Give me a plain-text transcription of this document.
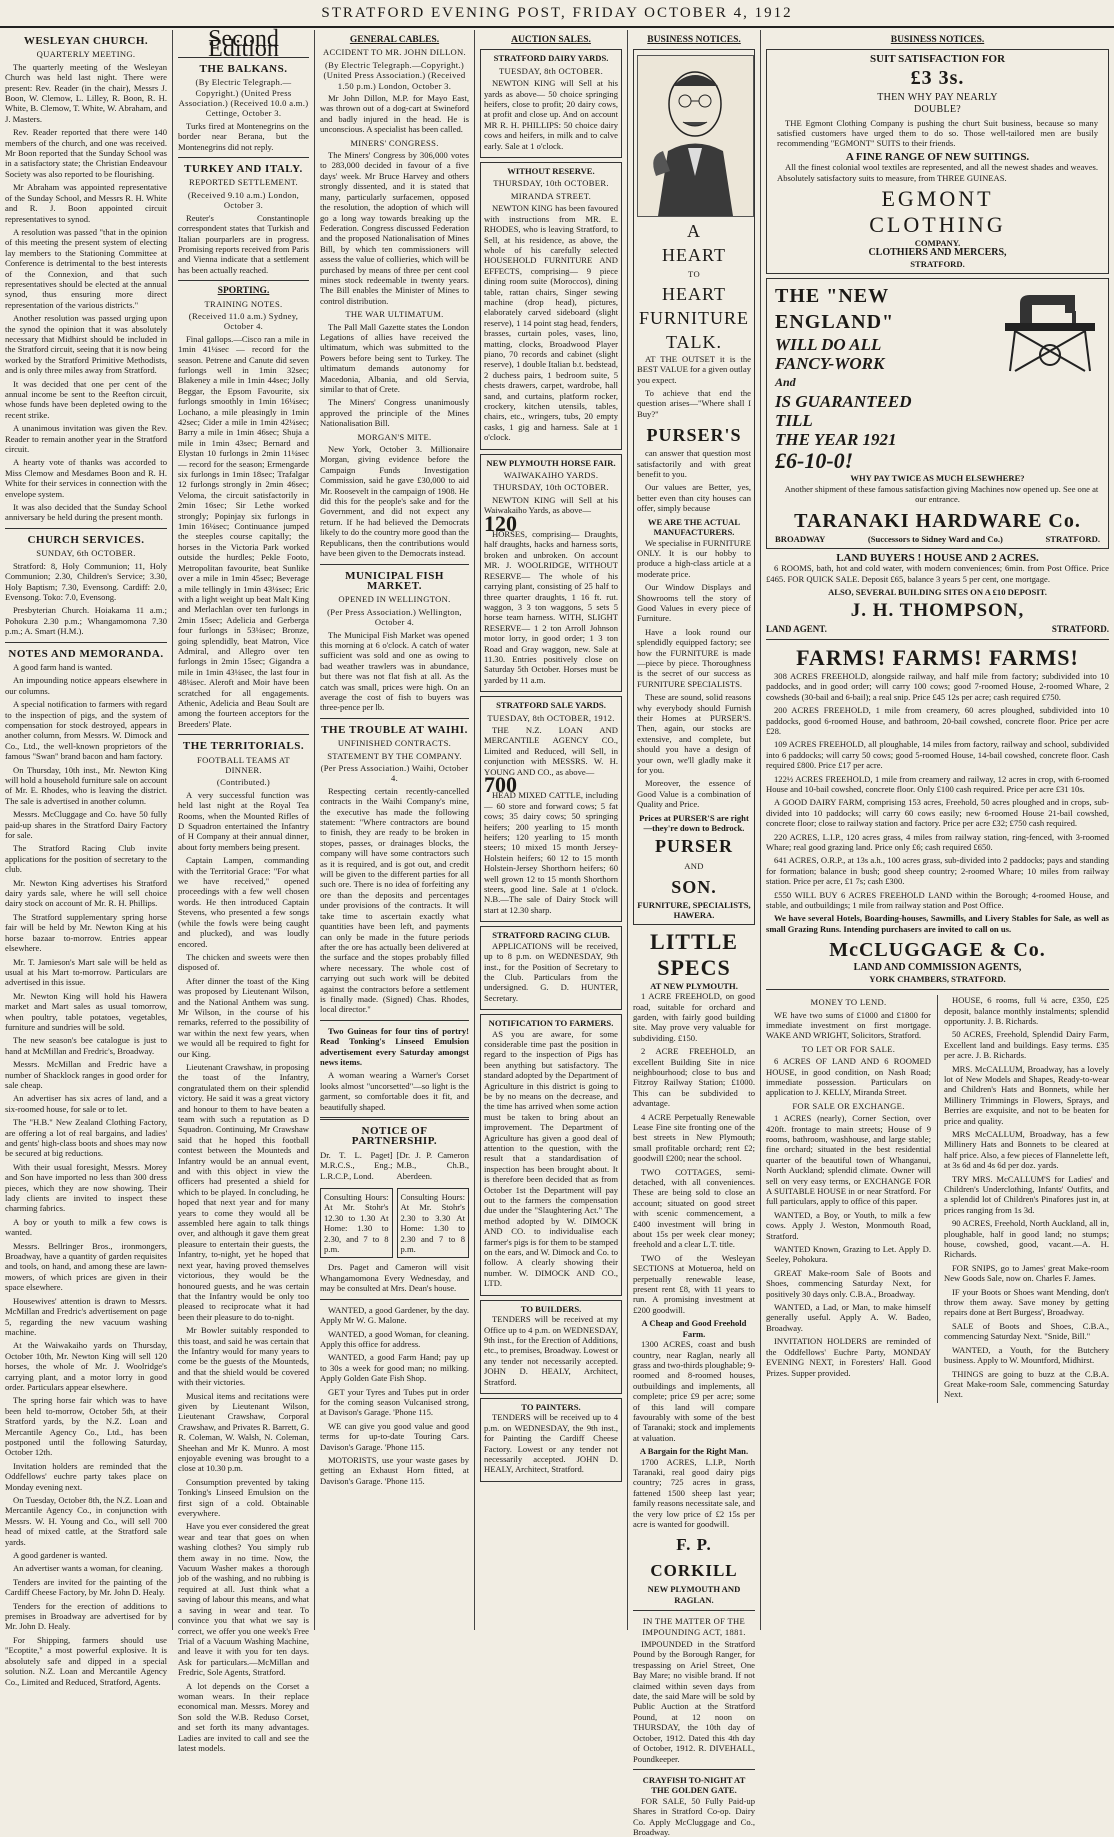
STRATFORD EVENING POST, FRIDAY OCTOBER 4, 1912
WESLEYAN CHURCH.
QUARTERLY MEETING.

The quarterly meeting of the Wesleyan Church was held last night. There were present: Rev. Reader (in the chair), Messrs J. Boon, W. Clemow, L. Lilley, R. Boon, R. H. White, B. Clemow, T. White, W. Abraham, and J. Masters.

Rev. Reader reported that there were 140 members of the church, and one was received. Mr Boon reported that the Sunday School was in a satisfactory state; the Christian Endeavour Society was also reported to be flourishing.

Mr Abraham was appointed representative of the Sunday School, and Messrs R. H. White and R. J. Boon appointed circuit representatives to synod.

A resolution was passed "that in the opinion of this meeting the present system of electing lay members to the Stationing Committee at Conference is detrimental to the best interests of the Connexion, and that such representatives should be elected at the annual synod, thus ensuring more direct representation of the various districts."

Another resolution was passed urging upon the synod the opinion that it was absolutely necessary that Midhirst should be included in the Stratford circuit, seeing that it is now being worked by the Stratford Primitive Methodists, and is only three miles away from Stratford.

It was decided that one per cent of the annual income be sent to the Reefton circuit, whose funds have been depleted owing to the recent strike.

A unanimous invitation was given the Rev. Reader to remain another year in the Stratford circuit.

A hearty vote of thanks was accorded to Miss Clemow and Mesdames Boon and R. H. White for their services in connection with the envelope system.

It was also decided that the Sunday School anniversary be held during the present month.

CHURCH SERVICES.
SUNDAY, 6th OCTOBER.

Stratford: 8, Holy Communion; 11, Holy Communion; 2.30, Children's Service; 3.30, Holy Baptism; 7.30, Evensong. Cardiff: 2.0, Evensong. Toko: 7.0, Evensong.

Presbyterian Church. Hoiakama 11 a.m.; Pohokura 2.30 p.m.; Whangamomona 7.30 p.m.; A. Smart (H.M.).

NOTES AND MEMORANDA.

A good farm hand is wanted.

An impounding notice appears elsewhere in our columns.

A special notification to farmers with regard to the inspection of pigs, and the system of compensation for stock destroyed, appears in another column, from Messrs. W. Dimock and Co., Ltd., the well-known proprietors of the famous "Swan" brand bacon and ham factory.

On Thursday, 10th inst., Mr. Newton King will hold a household furniture sale on account of Mr. E. Rhodes, who is leaving the district. The sale is advertised in another column.

Messrs. McCluggage and Co. have 50 fully paid-up shares in the Stratford Dairy Factory for sale.

The Stratford Racing Club invite applications for the position of secretary to the club.

Mr. Newton King advertises his Stratford dairy yards sale, where he will sell choice dairy stock on account of Mr. R. H. Phillips.

The Stratford supplementary spring horse fair will be held by Mr. Newton King at his horse bazaar to-morrow. Entries appear elsewhere.

Mr. T. Jamieson's Mart sale will be held as usual at his Mart to-morrow. Particulars are advertised in this issue.

Mr. Newton King will hold his Hawera market and Mart sales as usual tomorrow, when poultry, table potatoes, vegetables, furniture and sundries will be sold.

The new season's bee catalogue is just to hand at McMillan and Fredric's, Broadway.

Messrs. McMillan and Fredric have a number of Shacklock ranges in good order for sale cheap.

An advertiser has six acres of land, and a six-roomed house, for sale or to let.

The "H.B." New Zealand Clothing Factory, are offering a lot of real bargains, and ladies' and gents' high-class boots and shoes may now be secured at big reductions.

With their usual foresight, Messrs. Morey and Son have imported no less than 300 dress pieces, which they are now showing. Their lady clients are invited to inspect these charming fabrics.

A boy or youth to milk a few cows is wanted.

Messrs. Bellringer Bros., ironmongers, Broadway, have a quantity of garden requisites and tools, on hand, and among these are lawn-mowers, of which prices are given in their space elsewhere.

Housewives' attention is drawn to Messrs. McMillan and Fredric's advertisement on page 5, regarding the new vacuum washing machine.

At the Waiwakaiho yards on Thursday, October 10th, Mr. Newton King will sell 120 horses, the whole of Mr. J. Woolridge's carrying plant, and a motor lorry in good order. Particulars appear elsewhere.

The spring horse fair which was to have been held to-morrow, October 5th, at their Stratford yards, by the N.Z. Loan and Mercantile Agency Co., Ltd., has been postponed until the following Saturday, October 12th.

Invitation holders are reminded that the Oddfellows' euchre party takes place on Monday evening next.

On Tuesday, October 8th, the N.Z. Loan and Mercantile Agency Co., in conjunction with Messrs. W. H. Young and Co., will sell 700 head of mixed cattle, at the Stratford sale yards.

A good gardener is wanted.

An advertiser wants a woman, for cleaning.

Tenders are invited for the painting of the Cardiff Cheese Factory, by Mr. John D. Healy.

Tenders for the erection of additions to premises in Broadway are advertised for by Mr. John D. Healy.

For Shipping, farmers should use "Ecoptite," a most powerful explosive. It is absolutely safe and dipped in a special solution. N.Z. Loan and Mercantile Agency Co., Limited and Reduced, Stratford, Agents.

Second Edition
THE BALKANS.
(By Electric Telegraph.—Copyright.) (United Press Association.) (Received 10.0 a.m.) Cettinge, October 3.

Turks fired at Montenegrins on the border near Berana, but the Montenegrins did not reply.

TURKEY AND ITALY.
REPORTED SETTLEMENT.
(Received 9.10 a.m.) London, October 3.

Reuter's Constantinople correspondent states that Turkish and Italian pourparlers are in progress. Promising reports received from Paris and Vienna indicate that a settlement has been actually reached.

SPORTING.
TRAINING NOTES.
(Received 11.0 a.m.) Sydney, October 4.

Final gallops.—Cisco ran a mile in 1min 41¼sec — record for the season. Petrene and Canute did seven furlongs well in 1min 32sec; Blakeney a mile in 1min 44sec; Jolly Beggar, the Epsom Favourite, six furlongs smoothly in 1min 16¼sec; Lochano, a mile pleasingly in 1min 42sec; Cider a mile in 1min 42¼sec; Barry a mile in 1min 46sec; Shuja a mile in 1min 43sec; Bernard and Elystan 10 furlongs in 2min 11¼sec — record for the season; Ermengarde six furlongs in 1min 18sec; Trafalgar 12 furlongs strongly in 2min 46sec; Veloma, the circuit satisfactorily in 2min 16sec; Sir Lethe worked strongly; Popinjay six furlongs in 1min 16¼sec; Continuance jumped the steeples course capitally; the horses in the Victoria Park worked outside the hurdles; Pekle Footo, Metropolitan favourite, beat Sunlike over a mile in 1min 45sec; Beverage a mile tellingly in 1min 43¼sec; Eric with a light weight up beat Malt King and Merlachlan over ten furlongs in 2min 15sec; Adelicia and Gerberga four furlongs in 53¼sec; Bronze, going splendidly, beat Matron, Vice Admiral, and Allegro over ten furlongs in 2min 15sec; Gigandra a mile in 1min 43¼sec, the last four in 48¼sec. Aleroft and Moir have been scratched for all engagements. Athenic, Adelicia and Beau Soult are among the fourteen acceptors for the Breeders' Plate.

THE TERRITORIALS.
FOOTBALL TEAMS AT DINNER.
(Contributed.)

A very successful function was held last night at the Royal Tea Rooms, when the Mounted Rifles of D Squadron entertained the Infantry of H Company at their annual dinner, about forty members being present.

Captain Lampen, commanding with the Territorial Grace: "For what we have received," opened proceedings with a few well chosen words. He then introduced Captain Stevens, who presented a few songs (while the fowls were being caught and plucked), and was loudly encored.

The chicken and sweets were then disposed of.

After dinner the toast of the King was proposed by Lieutenant Wilson, and the National Anthem was sung. Mr Wilson, in the course of his remarks, referred to the possibility of war within the next few years, when we would all be required to fight for our King.

Lieutenant Crawshaw, in proposing the toast of the Infantry, congratulated them on their splendid victory. He said it was a great victory and honour to them to have beaten a team with such a reputation as D Squadron. Continuing, Mr Crawshaw said that he hoped this football contest between the Mounteds and Infantry would be an annual event, and with this object in view the officers had presented a shield for which to be played. In concluding, he hoped that next year and for many years to come they would all be assembled here again to talk things over, and although it gave them great pleasure to entertain their guests, the Infantry, to-night, yet he hoped that next year, having proved themselves victorious, they would be the honoured guests, and he was certain that the Infantry would be only too pleased to reciprocate what it had been their pleasure to do to-night.

Mr Bowler suitably responded to this toast, and said he was certain that the Infantry would for many years to come be the guests of the Mounteds, and that the shield would be covered with their victories.

Musical items and recitations were given by Lieutenant Wilson, Lieutenant Crawshaw, Corporal Crawshaw, and Privates R. Barrett, G. R. Coleman, W. Walsh, N. Coleman, Sheehan and Mr K. Munro. A most enjoyable evening was brought to a close at 10.30 p.m.

Consumption prevented by taking Tonking's Linseed Emulsion on the first sign of a cold. Obtainable everywhere.

Have you ever considered the great wear and tear that goes on when washing clothes? You simply rub them away in no time. Now, the Vacuum Washer makes a thorough job of the washing, and no rubbing is required at all. Just think what a saving of labour this means, and what a saving in wear and tear. To convince you that what we say is correct, we offer you one week's Free Trial of a Vacuum Washing Machine, and leave it with you for ten days. Ask for particulars.—McMillan and Fredric, Sole Agents, Stratford.

A lot depends on the Corset a woman wears. In their replace economical man. Messrs. Morey and Son sold the W.B. Reduso Corset, and set forth its many advantages. Ladies are invited to call and see the latest models.

GENERAL CABLES.
ACCIDENT TO MR. JOHN DILLON.
(By Electric Telegraph.—Copyright.) (United Press Association.) (Received 1.50 p.m.) London, October 3.

Mr John Dillon, M.P. for Mayo East, was thrown out of a dog-cart at Swineford and badly injured in the head. He is unconscious. A specialist has been called.

MINERS' CONGRESS.

The Miners' Congress by 306,000 votes to 283,000 decided in favour of a five days' week. Mr Bruce Harvey and others strongly dissented, and it is stated that many, particularly surfacemen, opposed the resolution, the adoption of which will go a long way towards breaking up the Federation. Congress discussed Federation and the proposed Nationalisation of Mines Bill, by which ten commissioners will assess the value of collieries, which will be purchased by means of three per cent cool mines stock redeemable in twenty years. The Bill enables the Minister of Mines to control distribution.

THE WAR ULTIMATUM.

The Pall Mall Gazette states the London Legations of allies have received the ultimatum, which was submitted to the Powers before being sent to Turkey. The ultimatum demands autonomy for Macedonia, Albania, and old Servia, similar to that of Crete.

The Miners' Congress unanimously approved the principle of the Mines Nationalisation Bill.

MORGAN'S MITE.

New York, October 3. Millionaire Morgan, giving evidence before the Campaign Funds Investigation Commission, said he gave £30,000 to aid Mr. Roosevelt in the campaign of 1908. He did this for the people's sake and for the Government, and did not expect any return. If he had believed the Democrats likely to do the country more good than the Republicans, then the contributions would have been given to the Democrats instead.

MUNICIPAL FISH MARKET.
OPENED IN WELLINGTON.
(Per Press Association.) Wellington, October 4.

The Municipal Fish Market was opened this morning at 6 o'clock. A catch of water sufficient was sold and one as owing to bad weather trawlers was in abundance, but there was not flat fish at all. As the catch was small, prices were high. On an average the cost of fish to buyers was three-pence per lb.

THE TROUBLE AT WAIHI.
UNFINISHED CONTRACTS.
STATEMENT BY THE COMPANY.
(Per Press Association.) Waihi, October 4.

Respecting certain recently-cancelled contracts in the Waihi Company's mine, the executive has made the following statement: "Where contractors are bound to finish, they are ready to be broken in stopes, passes, or drainages blocks, the company will have some contractors such as it is required, and is got out, and credit will be given to the different parties for all such ore. There is no idea of forfeiting any ore than the deposits and percentages under provisions of the contracts. It will take time to ascertain exactly what quantities have been left, and payments can only be made in the future periods after the ore has actually been delivered at the surface and the stopes probably filled where necessary. The whole cost of carrying out such work will be debited against the contractors before a settlement is finally made. (Signed) Chas. Rhodes, local director."

Two Guineas for four tins of portry! Read Tonking's Linseed Emulsion advertisement every Saturday amongst news items.

A woman wearing a Warner's Corset looks almost "uncorsetted"—so light is the garment, so comfortable does it fit, and beautifully shaped.

NOTICE OF PARTNERSHIP.
Dr. T. L. Paget] M.R.C.S., Eng.; L.R.C.P., Lond.
[Dr. J. P. Cameron M.B., Ch.B., Aberdeen.
Consulting Hours: At Mr. Stohr's 12.30 to 1.30 At Home: 1.30 to 2.30, and 7 to 8 p.m.
Consulting Hours: At Mr. Stohr's 2.30 to 3.30 At Home: 1.30 to 2.30 and 7 to 8 p.m.

Drs. Paget and Cameron will visit Whangamomona Every Wednesday, and may be consulted at Mrs. Dean's house.

WANTED, a good Gardener, by the day. Apply Mr W. G. Malone.

WANTED, a good Woman, for cleaning. Apply this office for address.

WANTED, a good Farm Hand; pay up to 30s a week for good man; no milking. Apply Golden Gate Fish Shop.

GET your Tyres and Tubes put in order for the coming season Vulcanised strong, at Davison's Garage. 'Phone 115.

WE can give you good value and good terms for up-to-date Touring Cars. Davison's Garage. 'Phone 115.

MOTORISTS, use your waste gases by getting an Exhaust Horn fitted, at Davison's Garage. 'Phone 115.

AUCTION SALES.
STRATFORD DAIRY YARDS.
TUESDAY, 8th OCTOBER.

NEWTON KING will Sell at his yards as above— 50 choice springing heifers, close to profit; 20 dairy cows, at profit and close up. And on account MR R. H. PHILLIPS: 50 choice dairy cows and heifers, in milk and to calve early. Sale at 1 o'clock.

WITHOUT RESERVE.
THURSDAY, 10th OCTOBER.
MIRANDA STREET.

NEWTON KING has been favoured with instructions from MR. E. RHODES, who is leaving Stratford, to Sell, at his residence, as above, the whole of his carefully selected HOUSEHOLD FURNITURE AND EFFECTS, comprising— 9 piece dining room suite (Moroccos), dining table, rattan chairs, Singer sewing machine (drop head), pictures, elaborately carved sideboard (slight reserve), 1 14 point stag head, fenders, brasses, curtain poles, vases, lino, matting, clocks, Broadwood Player piano, 70 records and cabinet (slight reserve), 1 double Italian b.t. bedstead, 2 duchess pairs, 1 bedroom suite, 5 chests drawers, carpet, wardrobe, hall sand, and curtains, platform rocker, crockery, kitchen utensils, tables, chairs, etc., wringers, tubs, 20 empty casks, 1 gig and harness. Sale at 1 o'clock.

NEW PLYMOUTH HORSE FAIR.
WAIWAKAIHO YARDS.
THURSDAY, 10th OCTOBER.

NEWTON KING will Sell at his Waiwakaiho Yards, as above—

120

HORSES, comprising— Draughts, half draughts, hacks and harness sorts, broken and unbroken. On account MR. J. WOOLRIDGE, WITHOUT RESERVE— The whole of his carrying plant, consisting of 25 half to three quarter draughts, 1 16 ft. rut. waggon, 3 3 ton waggons, 5 sets 5 horse team harness. WITH, SLIGHT RESERVE— 1 2 ton Arroll Johnson motor lorry, in good order; 1 3 ton Road and Gray waggon, new. Sale at 11.30. Entries positively close on Saturday 5th October. Horses must be yarded by 11 a.m.

STRATFORD SALE YARDS.
TUESDAY, 8th OCTOBER, 1912.

THE N.Z. LOAN AND MERCANTILE AGENCY CO., Limited and Reduced, will Sell, in conjunction with MESSRS. W. H. YOUNG AND CO., as above—

700

HEAD MIXED CATTLE, including— 60 store and forward cows; 5 fat cows; 35 dairy cows; 50 springing heifers; 200 yearling to 15 month heifers; 120 yearling to 15 month steers; 10 mixed 15 month Jersey-Holstein heifers; 60 12 to 15 month Holstein-Jersey Shorthorn heifers; 60 well grown 12 to 15 month Shorthorn steers, good line. Sale at 1 o'clock. N.B.—The sale of Dairy Stock will start at 12.30 sharp.

STRATFORD RACING CLUB.

APPLICATIONS will be received, up to 8 p.m. on WEDNESDAY, 9th inst., for the Position of Secretary to the Club. Particulars from the undersigned. G. D. HUNTER, Secretary.

NOTIFICATION TO FARMERS.

AS you are aware, for some considerable time past the position in regard to the inspection of Pigs has been anything but satisfactory. The standard adopted by the Department of Agriculture in this district is going to be by no means on the decrease, and the time has arrived when some action must be taken to bring about an improvement. The Department of Agriculture has given a good deal of attention to the question, with the result that a standardisation of inspection has been brought about. It is therefore been decided that as from October 1st the Department will pay out to the farmers the compensation due under the "Slaughtering Act." The method adopted by W. DIMOCK AND CO. to individualise each farmer's pigs is for them to be stamped on the ears, and W. Dimock and Co. to follow. A clearly showing their number. W. DIMOCK AND CO., LTD.

TO BUILDERS.

TENDERS will be received at my Office up to 4 p.m. on WEDNESDAY, 9th inst., for the Erection of Additions, etc., to premises, Broadway. Lowest or any tender not necessarily accepted. JOHN D. HEALY, Architect, Stratford.

TO PAINTERS.

TENDERS will be received up to 4 p.m. on WEDNESDAY, the 9th inst., for Painting the Cardiff Cheese Factory. Lowest or any tender not necessarily accepted. JOHN D. HEALY, Architect, Stratford.

BUSINESS NOTICES.
A
HEART
TO
HEART
FURNITURE
TALK.

AT THE OUTSET it is the BEST VALUE for a given outlay you expect.

To achieve that end the question arises—"Where shall I Buy?"

PURSER'S

can answer that question most satisfactorily and with great benefit to you.

Our values are Better, yes, better even than city houses can offer, simply because

WE ARE THE ACTUAL MANUFACTURERS.

We specialise in FURNITURE ONLY. It is our hobby to produce a high-class article at a moderate price.

Our Window Displays and Showrooms tell the story of Good Values in every piece of Furniture.

Have a look round our splendidly equipped factory; see how the FURNITURE is made—piece by piece. Thoroughness is the secret of our success as FURNITURE SPECIALISTS.

These are sound, solid reasons why everybody should Furnish their Homes at PURSER'S. Then, again, our stocks are extensive, and complete, but should you have a design of your own, we'll gladly make it for you.

Moreover, the essence of Good Value is a combination of Quality and Price.

Prices at PURSER'S are right —they're down to Bedrock.
PURSER
AND
SON.
FURNITURE, SPECIALISTS,
HAWERA.
LITTLE
SPECS
AT NEW PLYMOUTH.

1 ACRE FREEHOLD, on good road, suitable for orchard and garden, with fairly good building site. May prove very valuable for subdividing. £150.

2 ACRE FREEHOLD, an excellent Building Site in nice neighbourhood; close to bus and Fitzroy Railway Station; £1000. This can be subdivided to advantage.

4 ACRE Perpetually Renewable Lease Fine site fronting one of the best streets in New Plymouth; small profitable orchard; rent £2; goodwill £200; near the school.

TWO COTTAGES, semi-detached, with all conveniences. These are being sold to close an account; situated on good street with scenic commencement, a £400 investment will bring in about 15s per week clear money; freehold and a clear L.T. title.

TWO of the Wesleyan SECTIONS at Motueroa, held on perpetually renewable lease, present rent £8, with 11 years to run. A promising investment at £200 goodwill.

A Cheap and Good Freehold Farm.

1300 ACRES, coast and bush country, near Raglan, nearly all grass and two-thirds ploughable; 9-roomed and 8-roomed houses, outbuildings and implements, all complete; price £9 per acre; some of this land will compare favourably with some of the best of Taranaki; stock and implements at valuation.

A Bargain for the Right Man.

1700 ACRES, L.I.P., North Taranaki, real good dairy pigs country; 725 acres in grass, fattened 1500 sheep last year; family reasons necessitate sale, and the very low price of £2 15s per acre is wanted for goodwill.

F. P. CORKILL
NEW PLYMOUTH AND RAGLAN.
IN THE MATTER OF THE IMPOUNDING ACT, 1881.

IMPOUNDED in the Stratford Pound by the Borough Ranger, for trespassing on Ariel Street, One Bay Mare; no visible brand. If not claimed within seven days from date, the said Mare will be sold by Public Auction at the Stratford Pound, at 12 noon on THURSDAY, the 10th day of October, 1912. Dated this 4th day of October, 1912. R. DIVEHALL, Poundkeeper.

CRAYFISH TO-NIGHT AT THE GOLDEN GATE.

FOR SALE, 50 Fully Paid-up Shares in Stratford Co-op. Dairy Co. Apply McCluggage and Co., Broadway.

BUSINESS NOTICES.
SUIT SATISFACTION FOR
£3 3s.
THEN WHY PAY NEARLY
DOUBLE?

THE Egmont Clothing Company is pushing the churt Suit business, because so many satisfied customers have urged them to do so. Those well-tailored men are busily recommending "EGMONT" SUITS to their friends.

A FINE RANGE OF NEW SUITINGS.

All the finest colonial wool textiles are represented, and all the newest shades and weaves. Absolutely satisfactory suits to measure, from THREE GUINEAS.

EGMONT
CLOTHING
COMPANY.
CLOTHIERS AND MERCERS,
STRATFORD.
THE "NEW ENGLAND"
WILL DO ALL
FANCY-WORK
And
IS GUARANTEED
TILL
THE YEAR 1921
£6-10-0!
WHY PAY TWICE AS MUCH ELSEWHERE?

Another shipment of these famous satisfaction giving Machines now opened up. See one at our entrance.

TARANAKI HARDWARE Co.
BROADWAY	(Successors to Sidney Ward and Co.)	STRATFORD.
LAND BUYERS ! HOUSE AND 2 ACRES.

6 ROOMS, bath, hot and cold water, with modern conveniences; 6min. from Post Office. Price £465. FOR QUICK SALE. Deposit £65, balance 3 years 5 per cent, one mortgage.

ALSO, SEVERAL BUILDING SITES ON A £10 DEPOSIT.
J. H. THOMPSON,
LAND AGENT.	STRATFORD.
FARMS! FARMS! FARMS!

308 ACRES FREEHOLD, alongside railway, and half mile from factory; subdivided into 10 paddocks, and in good order; will carry 100 cows; good 7-roomed House, 2-roomed Whare, 2 cowsheds (30-bail and 6-bail); a real snip. Price £45 12s per acre; cash required £750.

200 ACRES FREEHOLD, 1 mile from creamery, 60 acres ploughed, subdivided into 10 paddocks, good 6-roomed House, and bathroom, 20-bail cowshed, concrete floor. Price per acre £28.

109 ACRES FREEHOLD, all ploughable, 14 miles from factory, railway and school, subdivided into 6 paddocks; will carry 50 cows; good 5-roomed House, 14-bail cowshed, concrete floor. Cash required £800. Price £17 per acre.

122½ ACRES FREEHOLD, 1 mile from creamery and railway, 12 acres in crop, with 6-roomed House and 10-bail cowshed, concrete floor. Only £100 cash required. Price per acre £31 10s.

A GOOD DAIRY FARM, comprising 153 acres, Freehold, 50 acres ploughed and in crops, sub-divided into 10 paddocks; will carry 60 cows easily; new 6-roomed House 21-bail cowshed, concrete floor; close to railway station and factory. Price per acre £32; £750 cash required.

220 ACRES, L.I.P., 120 acres grass, 4 miles from railway station, ring-fenced, with 3-roomed Whare; real good grazing land. Price only £6; cash required £650.

641 ACRES, O.R.P., at 13s a.h., 100 acres grass, sub-divided into 2 paddocks; pays and standing for formation; balance in bush; good sheep country; 2-roomed Whare; 10 miles from railway station. Price per acre, £1 7s; cash £300.

£550 WILL BUY 6 ACRES FREEHOLD LAND within the Borough; 4-roomed House, and stable, and outbuildings; 1 mile from railway station and Post Office.

We have several Hotels, Boarding-houses, Sawmills, and Livery Stables for Sale, as well as small Grazing Runs. Intending purchasers are invited to call on us.

McCLUGGAGE & Co.
LAND AND COMMISSION AGENTS,
YORK CHAMBERS, STRATFORD.
MONEY TO LEND.

WE have two sums of £1000 and £1800 for immediate investment on first mortgage. WAKE AND WRIGHT, Solicitors, Stratford.

TO LET OR FOR SALE.

6 ACRES OF LAND AND 6 ROOMED HOUSE, in good condition, on Nash Road; immediate possession. Particulars on application to J. KELLY, Miranda Street.

FOR SALE OR EXCHANGE.

1 ACRES (nearly), Corner Section, over 420ft. frontage to main streets; House of 9 rooms, bathroom, washhouse, and large stable; fine orchard; situated in the best residential quarter of the beautiful town of Whanganui, North Auckland; splendid climate. Owner will sell on very easy terms, or EXCHANGE FOR A SUITABLE HOUSE in or near Stratford. For full particulars, apply to office of this paper.

WANTED, a Boy, or Youth, to milk a few cows. Apply J. Weston, Monmouth Road, Stratford.

WANTED Known, Grazing to Let. Apply D. Seeley, Pohokura.

GREAT Make-room Sale of Boots and Shoes, commencing Saturday Next, for positively 30 days only. C.B.A., Broadway.

WANTED, a Lad, or Man, to make himself generally useful. Apply A. W. Badeo, Broadway.

INVITATION HOLDERS are reminded of the Oddfellows' Euchre Party, MONDAY EVENING NEXT, in Foresters' Hall. Good Prizes. Supper provided.

HOUSE, 6 rooms, full ¼ acre, £350, £25 deposit, balance monthly instalments; splendid opportunity. J. B. Richards.

50 ACRES, Freehold, Splendid Dairy Farm, Excellent land and buildings. Easy terms. £35 per acre. J. B. Richards.

MRS. McCALLUM, Broadway, has a lovely lot of New Models and Shapes, Ready-to-wear and Children's Hats and Bonnets, while her Millinery Trimmings in Flowers, Sprays, and Berries are exquisite, and not to be beaten for price and quality.

MRS McCALLUM, Broadway, has a few Millinery Hats and Bonnets to be cleared at half price. Also, a few pieces of Flannelette left, at 3s 6d and 4s 6d per doz. yards.

TRY MRS. McCALLUM'S for Ladies' and Children's Underclothing, Infants' Outfits, and a splendid lot of Children's Pinafores just in, at prices ranging from 1s 3d.

90 ACRES, Freehold, North Auckland, all in, ploughable, half in good land; no stumps; house, cowshed, good, vacant.—A. H. Richards.

FOR SNIPS, go to James' great Make-room New Goods Sale, now on. Charles F. James.

IF your Boots or Shoes want Mending, don't throw them away. Save money by getting repairs done at Bert Burgess', Broadway.

SALE of Boots and Shoes, C.B.A., commencing Saturday Next. "Snide, Bill."

WANTED, a Youth, for the Butchery business. Apply to W. Mountford, Midhirst.

THINGS are going to buzz at the C.B.A. Great Make-room Sale, commencing Saturday Next.
